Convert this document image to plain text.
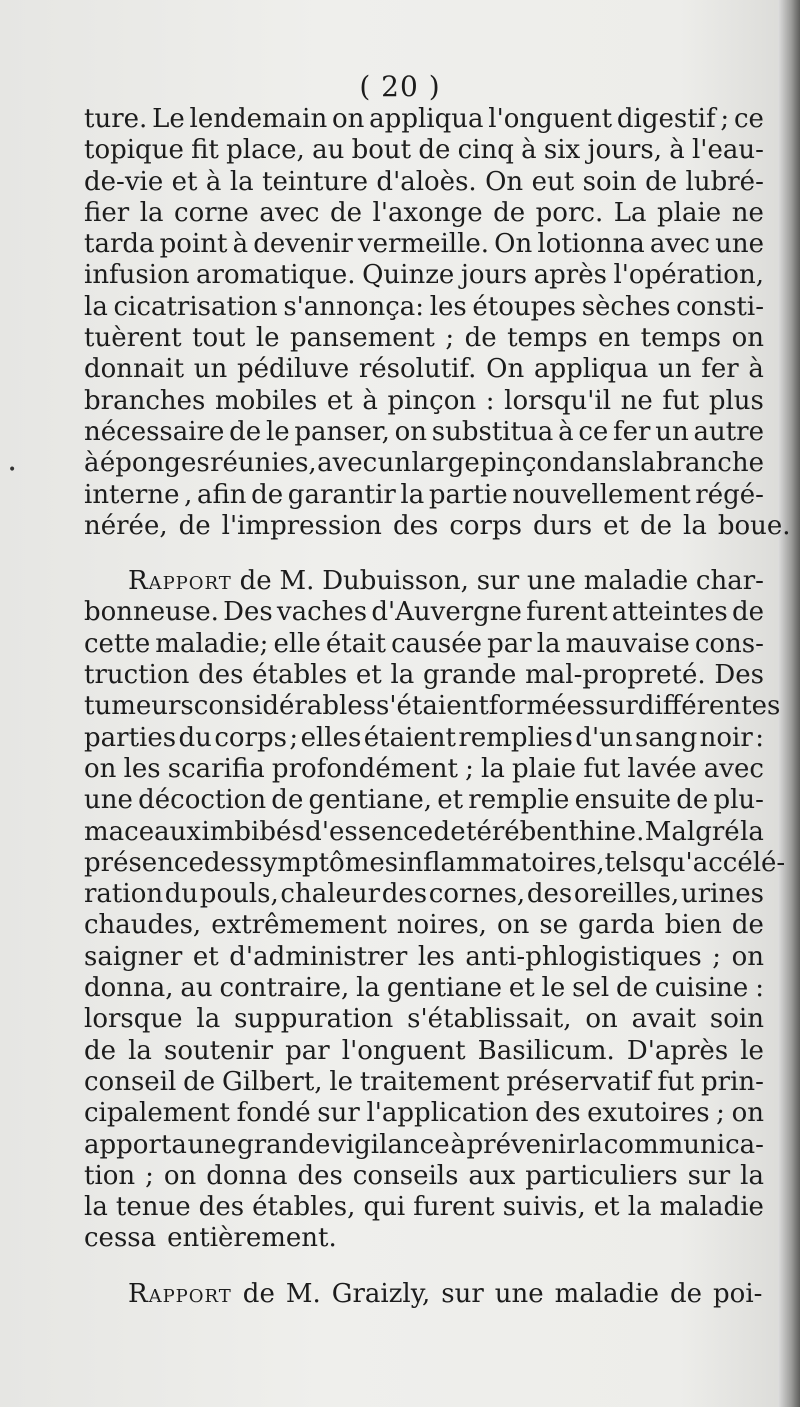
•
( 20 )
ture. Le lendemain on appliqua l'onguent digestif ; ce
topique fit place, au bout de cinq à six jours, à l'eau-
de-vie et à la teinture d'aloès. On eut soin de lubré-
fier la corne avec de l'axonge de porc. La plaie ne
tarda point à devenir vermeille. On lotionna avec une
infusion aromatique. Quinze jours après l'opération,
la cicatrisation s'annonça: les étoupes sèches consti-
tuèrent tout le pansement ; de temps en temps on
donnait un pédiluve résolutif. On appliqua un fer à
branches mobiles et à pinçon : lorsqu'il ne fut plus
nécessaire de le panser, on substitua à ce fer un autre
à éponges réunies, avec un large pinçon dans la branche
interne , afin de garantir la partie nouvellement régé-
nérée, de l'impression des corps durs et de la boue.
Rapport de M. Dubuisson, sur une maladie char-
bonneuse. Des vaches d'Auvergne furent atteintes de
cette maladie; elle était causée par la mauvaise cons-
truction des étables et la grande mal-propreté. Des
tumeurs considérables s'étaient formées sur différentes
parties du corps ; elles étaient remplies d'un sang noir :
on les scarifia profondément ; la plaie fut lavée avec
une décoction de gentiane, et remplie ensuite de plu-
maceaux imbibés d'essence de térébenthine. Malgré la
présence des symptômes inflammatoires, tels qu'accélé-
ration du pouls, chaleur des cornes, des oreilles, urines
chaudes, extrêmement noires, on se garda bien de
saigner et d'administrer les anti-phlogistiques ; on
donna, au contraire, la gentiane et le sel de cuisine :
lorsque la suppuration s'établissait, on avait soin
de la soutenir par l'onguent Basilicum. D'après le
conseil de Gilbert, le traitement préservatif fut prin-
cipalement fondé sur l'application des exutoires ; on
apporta une grande vigilance à prévenir la communica-
tion ; on donna des conseils aux particuliers sur la
la tenue des étables, qui furent suivis, et la maladie
cessa entièrement.
Rapport de M. Graizly, sur une maladie de poi-
